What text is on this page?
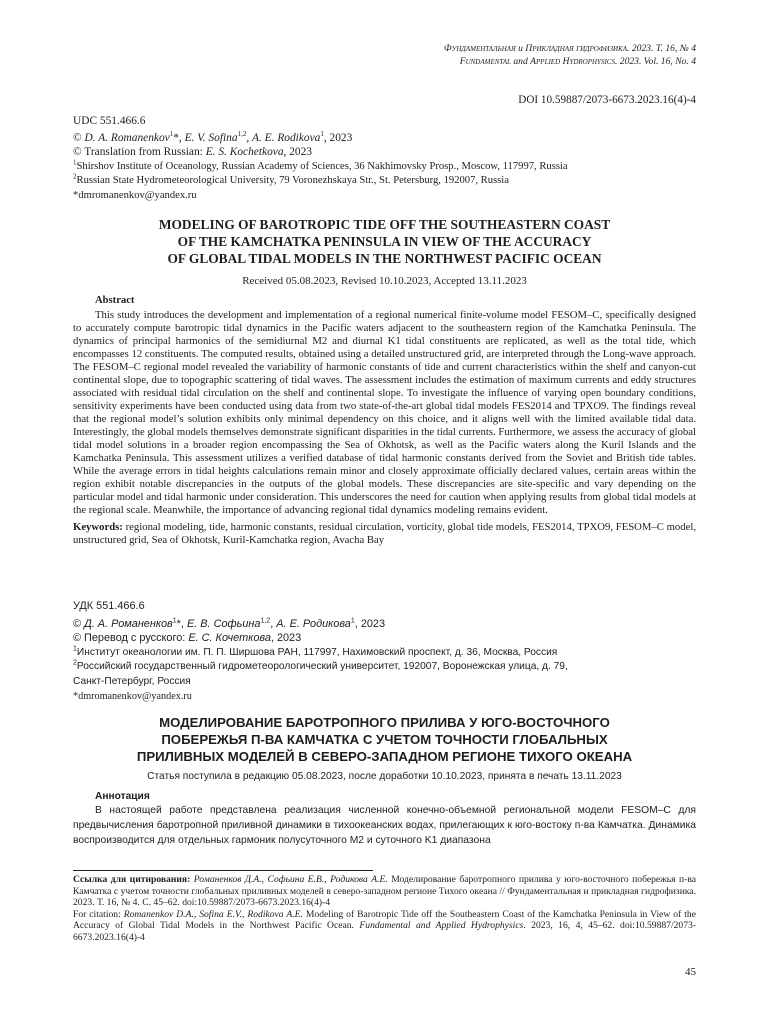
Фундаментальная и Прикладная гидрофизика. 2023. Т. 16, № 4
Fundamental and Applied Hydrophysics. 2023. Vol. 16, No. 4
DOI 10.59887/2073-6673.2023.16(4)-4
UDC 551.466.6
© D. A. Romanenkov$^1$*, E. V. Sofina$^{1,2}$, A. E. Rodikova$^1$, 2023
© Translation from Russian: E. S. Kochetkova, 2023
$^1$Shirshov Institute of Oceanology, Russian Academy of Sciences, 36 Nakhimovsky Prosp., Moscow, 117997, Russia
$^2$Russian State Hydrometeorological University, 79 Voronezhskaya Str., St. Petersburg, 192007, Russia
*dmromanenkov@yandex.ru
MODELING OF BAROTROPIC TIDE OFF THE SOUTHEASTERN COAST
OF THE KAMCHATKA PENINSULA IN VIEW OF THE ACCURACY
OF GLOBAL TIDAL MODELS IN THE NORTHWEST PACIFIC OCEAN
Received 05.08.2023, Revised 10.10.2023, Accepted 13.11.2023
Abstract

This study introduces the development and implementation of a regional numerical finite-volume model FESOM–C, specifically designed to accurately compute barotropic tidal dynamics in the Pacific waters adjacent to the southeastern region of the Kamchatka Peninsula. The dynamics of principal harmonics of the semidiurnal M2 and diurnal K1 tidal constituents are replicated, as well as the total tide, which encompasses 12 constituents. The computed results, obtained using a detailed unstructured grid, are interpreted through the Long-wave approach. The FESOM–C regional model revealed the variability of harmonic constants of tide and current characteristics within the shelf and canyon-cut continental slope, due to topographic scattering of tidal waves. The assessment includes the estimation of maximum currents and eddy structures associated with residual tidal circulation on the shelf and continental slope. To investigate the influence of varying open boundary conditions, sensitivity experiments have been conducted using data from two state-of-the-art global tidal models FES2014 and TPXO9. The findings reveal that the regional model’s solution exhibits only minimal dependency on this choice, and it aligns well with the limited available tidal data. Interestingly, the global models themselves demonstrate significant disparities in the tidal currents. Furthermore, we assess the accuracy of global tidal model solutions in a broader region encompassing the Sea of Okhotsk, as well as the Pacific waters along the Kuril Islands and the Kamchatka Peninsula. This assessment utilizes a verified database of tidal harmonic constants derived from the Soviet and British tide tables. While the average errors in tidal heights calculations remain minor and closely approximate officially declared values, certain areas within the region exhibit notable discrepancies in the outputs of the global models. These discrepancies are site-specific and vary depending on the particular model and tidal harmonic under consideration. This underscores the need for caution when applying results from global tidal models at the regional scale. Meanwhile, the importance of advancing regional tidal dynamics modeling remains evident.

Keywords: regional modeling, tide, harmonic constants, residual circulation, vorticity, global tide models, FES2014, TPXO9, FESOM–C model, unstructured grid, Sea of Okhotsk, Kuril-Kamchatka region, Avacha Bay

УДК 551.466.6
© Д. А. Романенков$^1$*, Е. В. Софьина$^{1,2}$, А. Е. Родикова$^1$, 2023
© Перевод с русского: Е. С. Кочеткова, 2023
$^1$Институт океанологии им. П. П. Ширшова РАН, 117997, Нахимовский проспект, д. 36, Москва, Россия
$^2$Российский государственный гидрометеорологический университет, 192007, Воронежская улица, д. 79,
Санкт-Петербург, Россия
*dmromanenkov@yandex.ru
МОДЕЛИРОВАНИЕ БАРОТРОПНОГО ПРИЛИВА У ЮГО-ВОСТОЧНОГО
ПОБЕРЕЖЬЯ П-ВА КАМЧАТКА С УЧЕТОМ ТОЧНОСТИ ГЛОБАЛЬНЫХ
ПРИЛИВНЫХ МОДЕЛЕЙ В СЕВЕРО-ЗАПАДНОМ РЕГИОНЕ ТИХОГО ОКЕАНА
Статья поступила в редакцию 05.08.2023, после доработки 10.10.2023, принята в печать 13.11.2023
Аннотация

В настоящей работе представлена реализация численной конечно-объемной региональной модели FESOM–C для предвычисления баротропной приливной динамики в тихоокеанских водах, прилегающих к юго-востоку п-ва Камчатка. Динамика воспроизводится для отдельных гармоник полусуточного M2 и суточного K1 диапазона

Ссылка для цитирования: Романенков Д.А., Софьина Е.В., Родикова А.Е. Моделирование баротропного прилива у юго-восточного побережья п-ва Камчатка с учетом точности глобальных приливных моделей в северо-западном регионе Тихого океана // Фундаментальная и прикладная гидрофизика. 2023. Т. 16, № 4. С. 45–62. doi:10.59887/2073-6673.2023.16(4)-4
For citation: Romanenkov D.A., Sofina E.V., Rodikova A.E. Modeling of Barotropic Tide off the Southeastern Coast of the Kamchatka Peninsula in View of the Accuracy of Global Tidal Models in the Northwest Pacific Ocean. Fundamental and Applied Hydrophysics. 2023, 16, 4, 45–62. doi:10.59887/2073-6673.2023.16(4)-4
45
